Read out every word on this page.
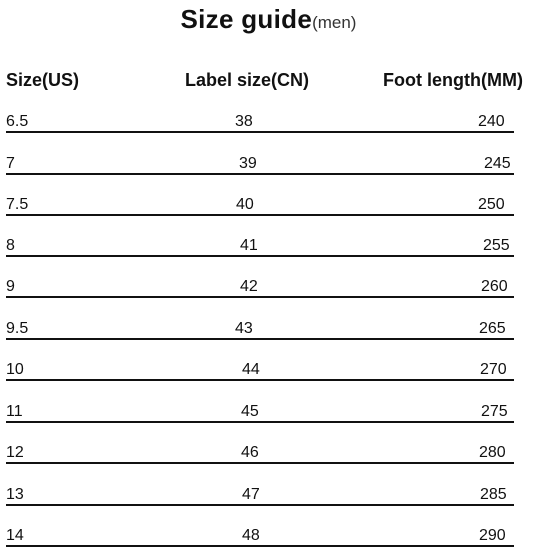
Size guide(men)
Size(US)	Label size(CN)	Foot length(MM)
6.5	38	240
7	39	245
7.5	40	250
8	41	255
9	42	260
9.5	43	265
10	44	270
11	45	275
12	46	280
13	47	285
14	48	290
